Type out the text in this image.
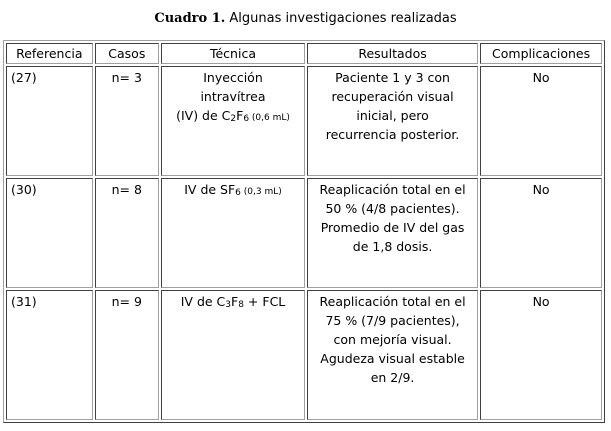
Cuadro 1. Algunas investigaciones realizadas
Referencia	Casos	Técnica	Resultados	Complicaciones
(27)	n= 3	Inyección
intravítrea
(IV) de $C_2F_6$ (0,6 mL)	Paciente 1 y 3 con
recuperación visual
inicial, pero
recurrencia posterior.	No
(30)	n= 8	IV de $SF_6$ (0,3 mL)	Reaplicación total en el
50 % (4/8 pacientes).
Promedio de IV del gas
de 1,8 dosis.	No
(31)	n= 9	IV de $C_3F_8$ + FCL	Reaplicación total en el
75 % (7/9 pacientes),
con mejoría visual.
Agudeza visual estable
en 2/9.	No
